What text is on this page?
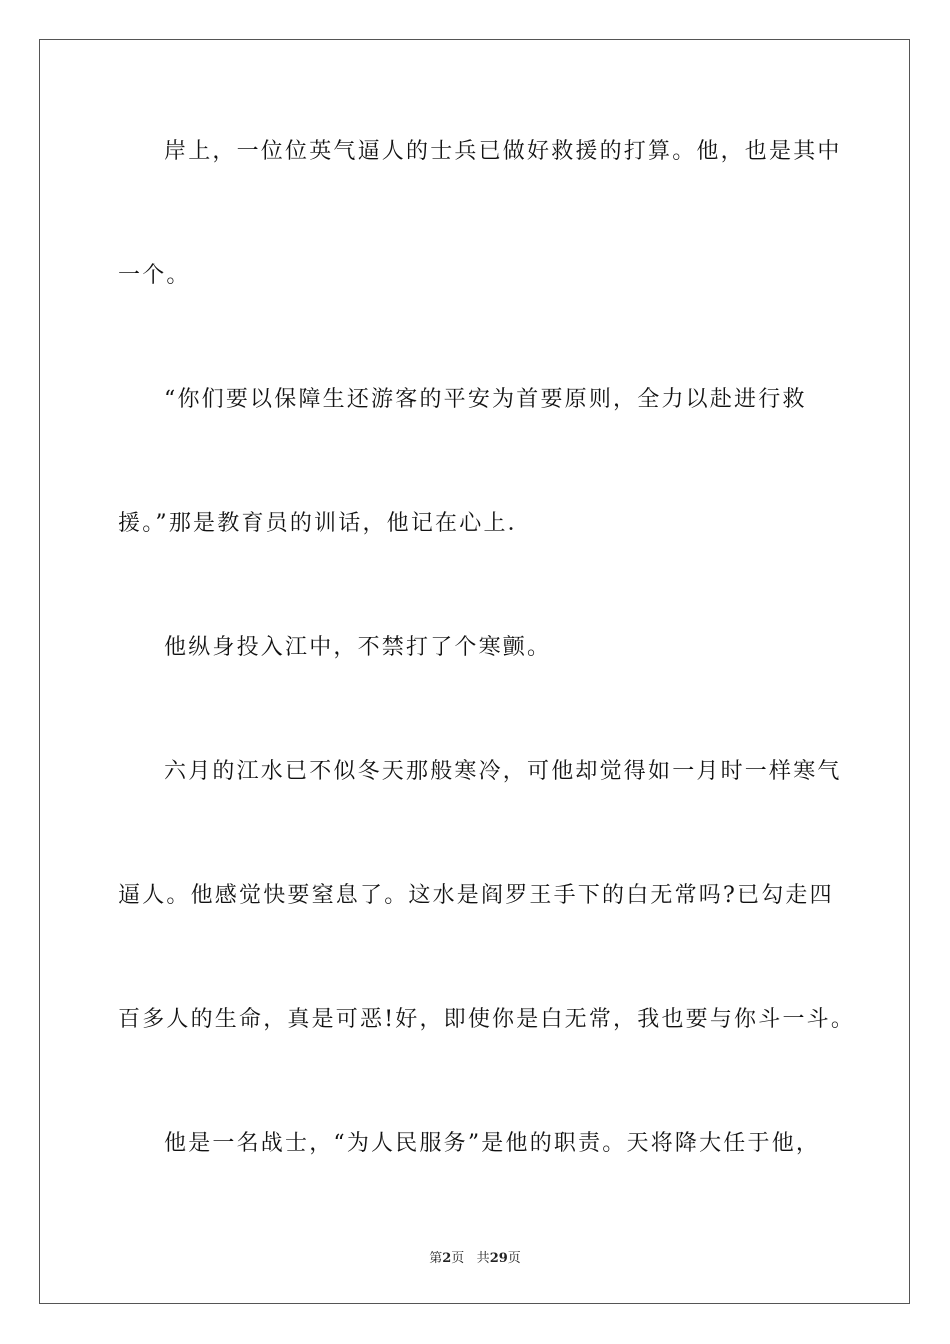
岸上，一位位英气逼人的士兵已做好救援的打算。他，也是其中
一个。
“你们要以保障生还游客的平安为首要原则，全力以赴进行救
援。”那是教育员的训话，他记在心上．
他纵身投入江中，不禁打了个寒颤。
六月的江水已不似冬天那般寒冷，可他却觉得如一月时一样寒气
逼人。他感觉快要窒息了。这水是阎罗王手下的白无常吗?已勾走四
百多人的生命，真是可恶!好，即使你是白无常，我也要与你斗一斗。
他是一名战士，“为人民服务”是他的职责。天将降大任于他，
第2页 共29页
